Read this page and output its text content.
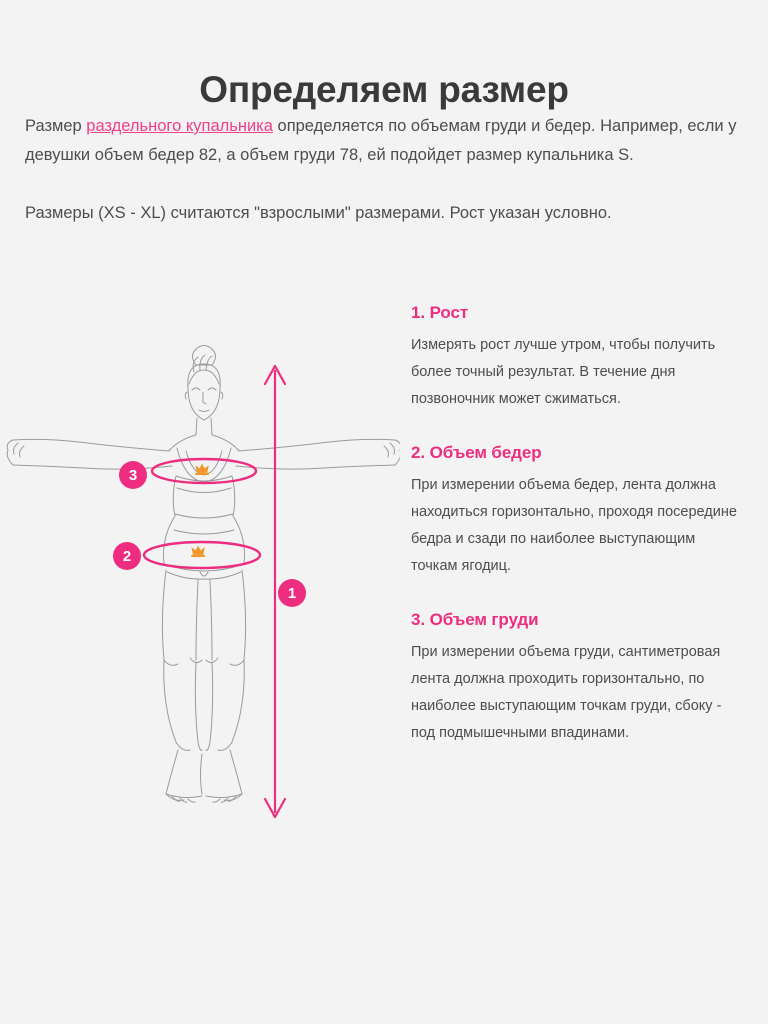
Определяем размер

Размер раздельного купальника определяется по объемам груди и бедер. Например, если у девушки объем бедер 82, а объем груди 78, ей подойдет размер купальника S.

Размеры (XS - XL) считаются "взрослыми" размерами. Рост указан условно.

3
2
1
1. Рост

Измерять рост лучше утром, чтобы получить более точный результат. В течение дня позвоночник может сжиматься.

2. Объем бедер

При измерении объема бедер, лента должна находиться горизонтально, проходя посередине бедра и сзади по наиболее выступающим точкам ягодиц.

3. Объем груди

При измерении объема груди, сантиметровая лента должна проходить горизонтально, по наиболее выступающим точкам груди, сбоку - под подмышечными впадинами.
